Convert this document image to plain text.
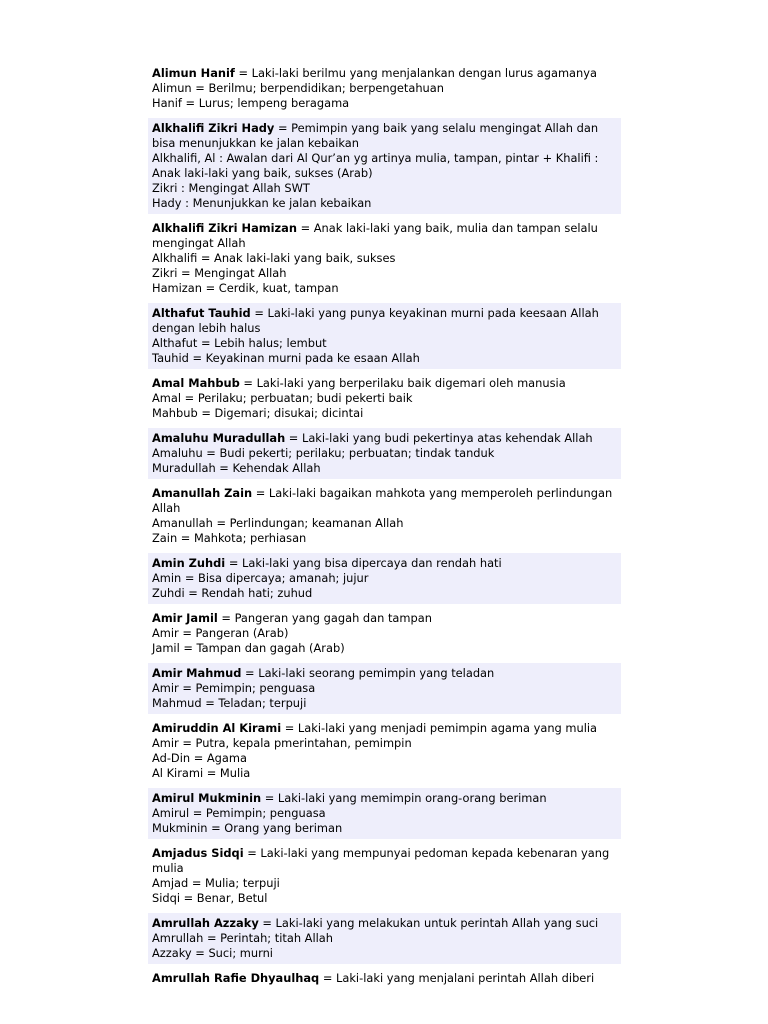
Alimun Hanif = Laki-laki berilmu yang menjalankan dengan lurus agamanya
Alimun = Berilmu; berpendidikan; berpengetahuan
Hanif = Lurus; lempeng beragama
Alkhalifi Zikri Hady = Pemimpin yang baik yang selalu mengingat Allah dan bisa menunjukkan ke jalan kebaikan
Alkhalifi, Al : Awalan dari Al Qur’an yg artinya mulia, tampan, pintar + Khalifi : Anak laki-laki yang baik, sukses (Arab)
Zikri : Mengingat Allah SWT
Hady : Menunjukkan ke jalan kebaikan
Alkhalifi Zikri Hamizan = Anak laki-laki yang baik, mulia dan tampan selalu mengingat Allah
Alkhalifi = Anak laki-laki yang baik, sukses
Zikri = Mengingat Allah
Hamizan = Cerdik, kuat, tampan
Althafut Tauhid = Laki-laki yang punya keyakinan murni pada keesaan Allah dengan lebih halus
Althafut = Lebih halus; lembut
Tauhid = Keyakinan murni pada ke esaan Allah
Amal Mahbub = Laki-laki yang berperilaku baik digemari oleh manusia
Amal = Perilaku; perbuatan; budi pekerti baik
Mahbub = Digemari; disukai; dicintai
Amaluhu Muradullah = Laki-laki yang budi pekertinya atas kehendak Allah
Amaluhu = Budi pekerti; perilaku; perbuatan; tindak tanduk
Muradullah = Kehendak Allah
Amanullah Zain = Laki-laki bagaikan mahkota yang memperoleh perlindungan Allah
Amanullah = Perlindungan; keamanan Allah
Zain = Mahkota; perhiasan
Amin Zuhdi = Laki-laki yang bisa dipercaya dan rendah hati
Amin = Bisa dipercaya; amanah; jujur
Zuhdi = Rendah hati; zuhud
Amir Jamil = Pangeran yang gagah dan tampan
Amir = Pangeran (Arab)
Jamil = Tampan dan gagah (Arab)
Amir Mahmud = Laki-laki seorang pemimpin yang teladan
Amir = Pemimpin; penguasa
Mahmud = Teladan; terpuji
Amiruddin Al Kirami = Laki-laki yang menjadi pemimpin agama yang mulia
Amir = Putra, kepala pmerintahan, pemimpin
Ad-Din = Agama
Al Kirami = Mulia
Amirul Mukminin = Laki-laki yang memimpin orang-orang beriman
Amirul = Pemimpin; penguasa
Mukminin = Orang yang beriman
Amjadus Sidqi = Laki-laki yang mempunyai pedoman kepada kebenaran yang mulia
Amjad = Mulia; terpuji
Sidqi = Benar, Betul
Amrullah Azzaky = Laki-laki yang melakukan untuk perintah Allah yang suci
Amrullah = Perintah; titah Allah
Azzaky = Suci; murni
Amrullah Rafie Dhyaulhaq = Laki-laki yang menjalani perintah Allah diberi
